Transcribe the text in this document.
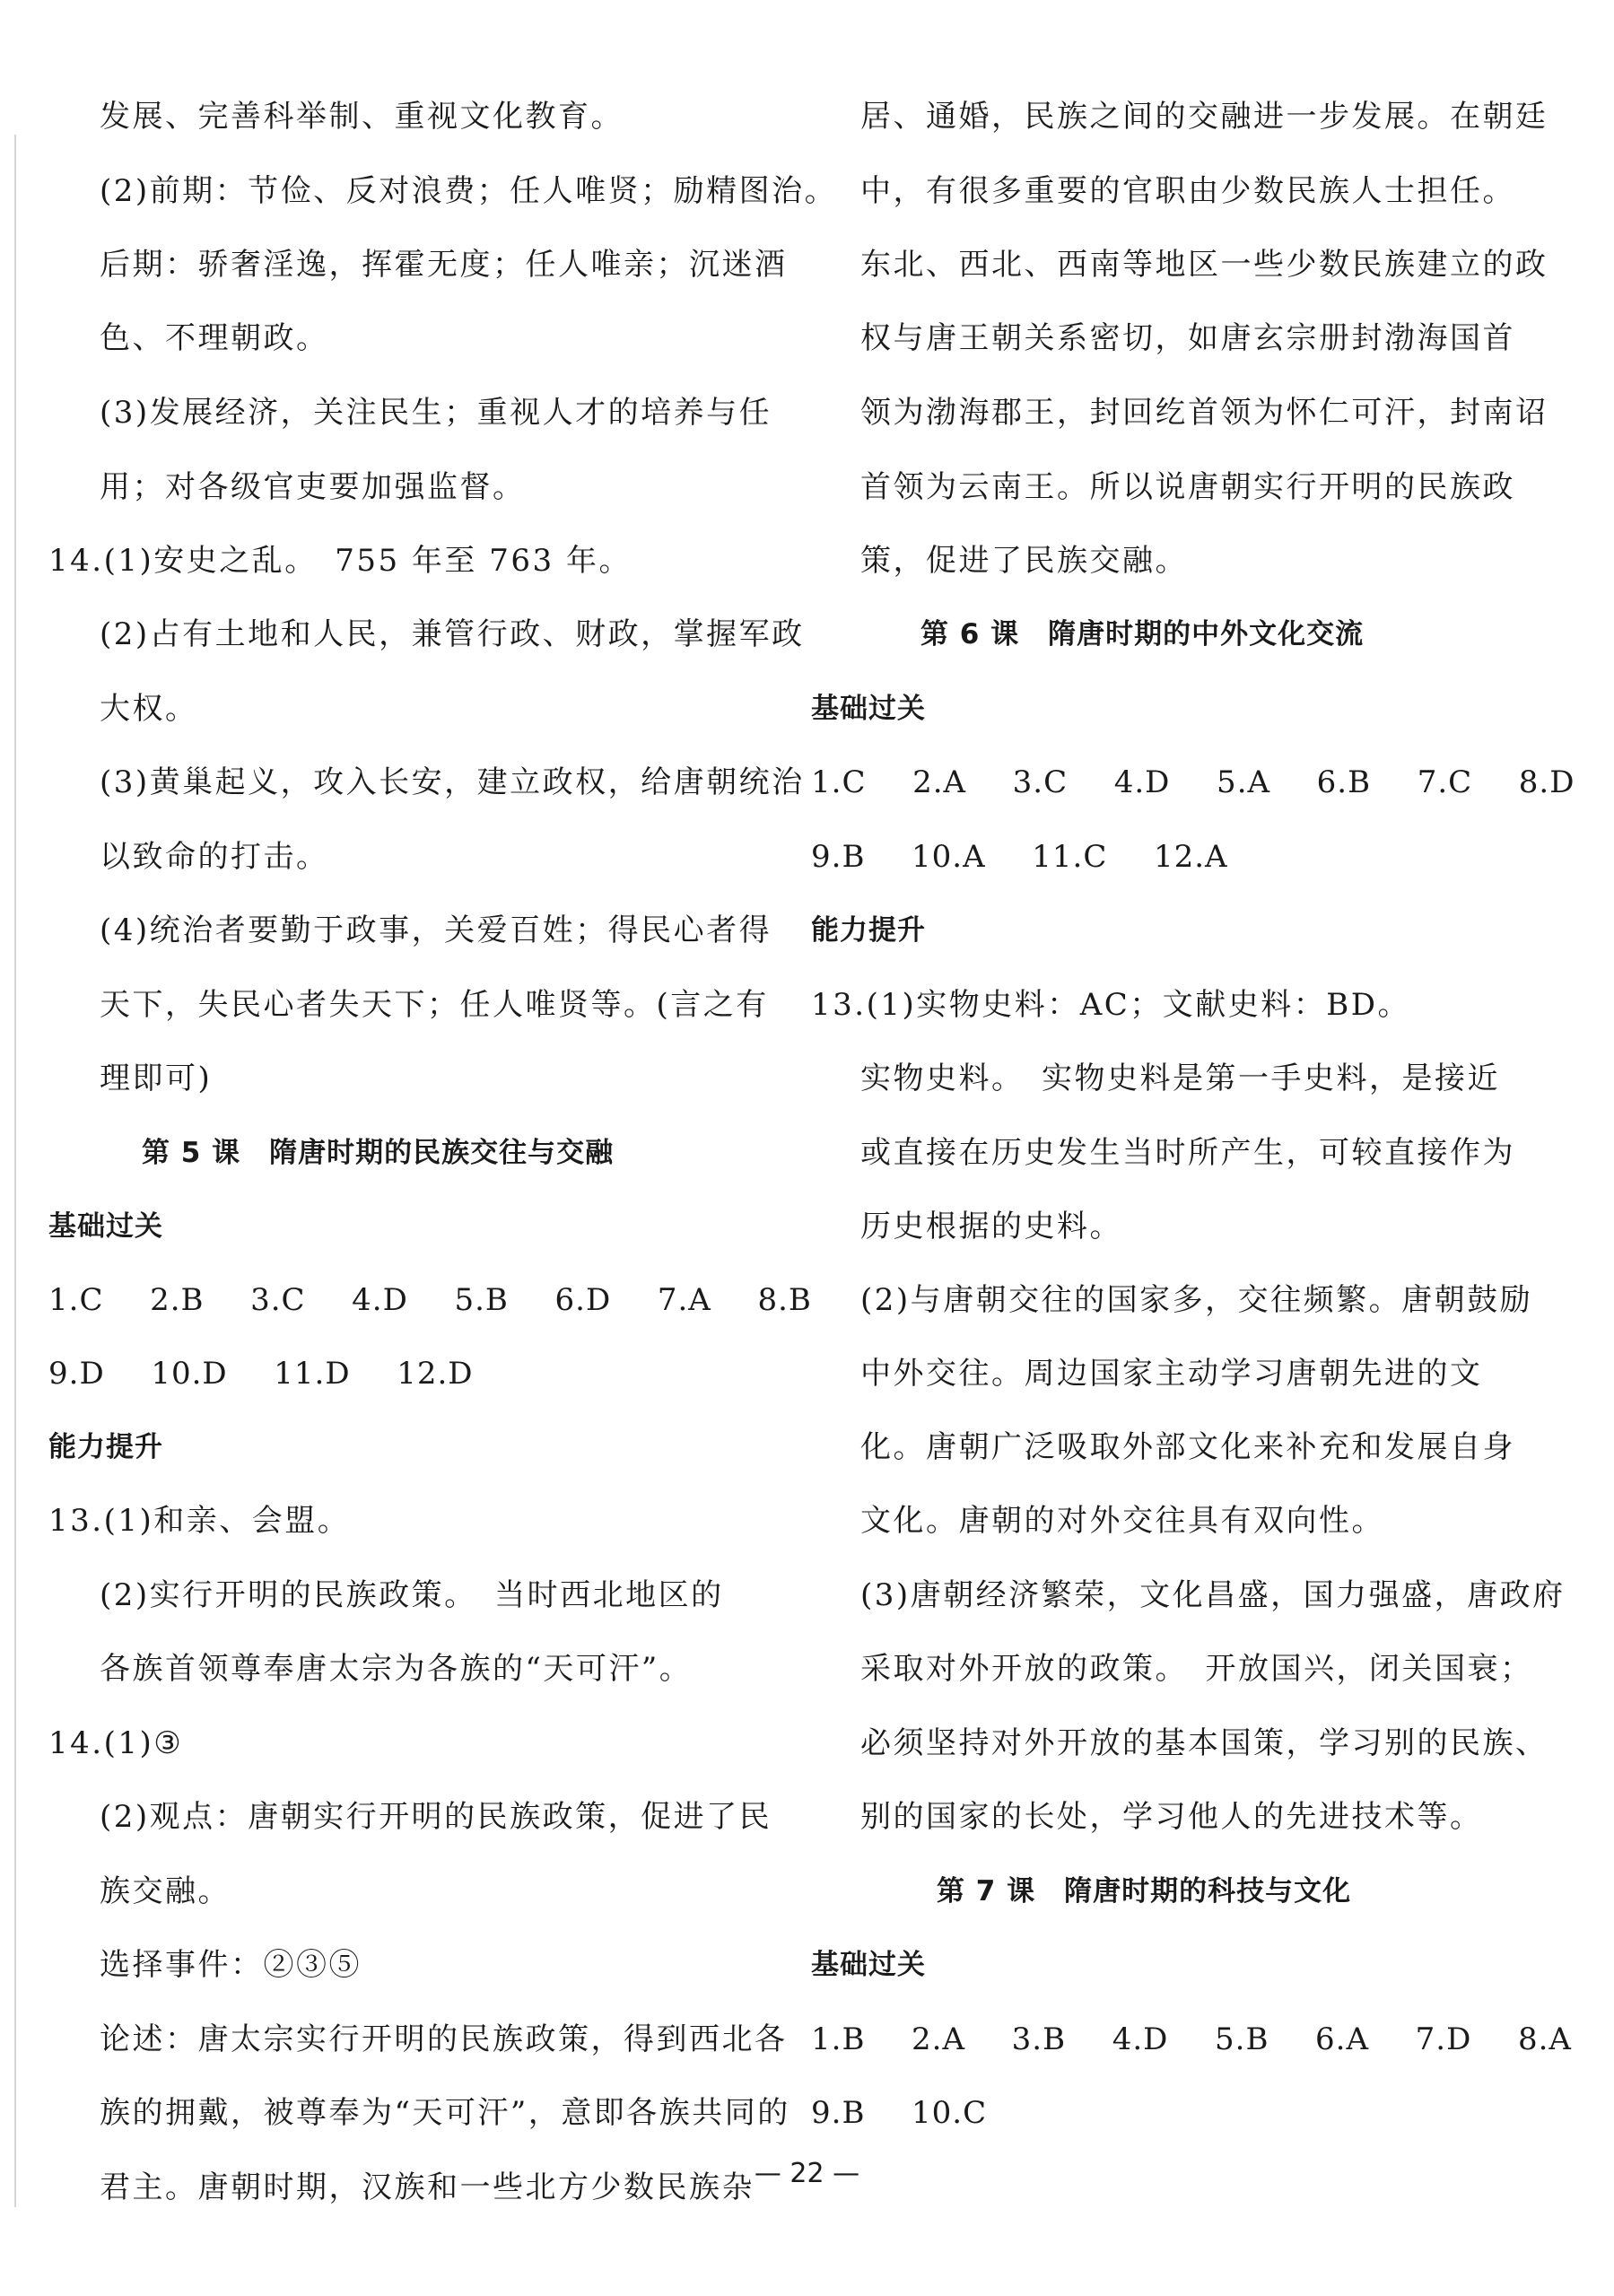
发展、完善科举制、重视文化教育。
(2)前期：节俭、反对浪费；任人唯贤；励精图治。
后期：骄奢淫逸，挥霍无度；任人唯亲；沉迷酒
色、不理朝政。
(3)发展经济，关注民生；重视人才的培养与任
用；对各级官吏要加强监督。
14.(1)安史之乱。　755 年至 763 年。
(2)占有土地和人民，兼管行政、财政，掌握军政
大权。
(3)黄巢起义，攻入长安，建立政权，给唐朝统治
以致命的打击。
(4)统治者要勤于政事，关爱百姓；得民心者得
天下，失民心者失天下；任人唯贤等。(言之有
理即可)
第 5 课　隋唐时期的民族交往与交融
基础过关
1.C  2.B  3.C  4.D  5.B  6.D  7.A  8.B
9.D  10.D  11.D  12.D
能力提升
13.(1)和亲、会盟。
(2)实行开明的民族政策。　当时西北地区的
各族首领尊奉唐太宗为各族的“天可汗”。
14.(1)③
(2)观点：唐朝实行开明的民族政策，促进了民
族交融。
选择事件：②③⑤
论述：唐太宗实行开明的民族政策，得到西北各
族的拥戴，被尊奉为“天可汗”，意即各族共同的
君主。唐朝时期，汉族和一些北方少数民族杂
居、通婚，民族之间的交融进一步发展。在朝廷
中，有很多重要的官职由少数民族人士担任。
东北、西北、西南等地区一些少数民族建立的政
权与唐王朝关系密切，如唐玄宗册封渤海国首
领为渤海郡王，封回纥首领为怀仁可汗，封南诏
首领为云南王。所以说唐朝实行开明的民族政
策，促进了民族交融。
第 6 课　隋唐时期的中外文化交流
基础过关
1.C  2.A  3.C  4.D  5.A  6.B  7.C  8.D
9.B  10.A  11.C  12.A
能力提升
13.(1)实物史料：AC；文献史料：BD。
实物史料。　实物史料是第一手史料，是接近
或直接在历史发生当时所产生，可较直接作为
历史根据的史料。
(2)与唐朝交往的国家多，交往频繁。唐朝鼓励
中外交往。周边国家主动学习唐朝先进的文
化。唐朝广泛吸取外部文化来补充和发展自身
文化。唐朝的对外交往具有双向性。
(3)唐朝经济繁荣，文化昌盛，国力强盛，唐政府
采取对外开放的政策。　开放国兴，闭关国衰；
必须坚持对外开放的基本国策，学习别的民族、
别的国家的长处，学习他人的先进技术等。
第 7 课　隋唐时期的科技与文化
基础过关
1.B  2.A  3.B  4.D  5.B  6.A  7.D  8.A
9.B  10.C
— 22 —
